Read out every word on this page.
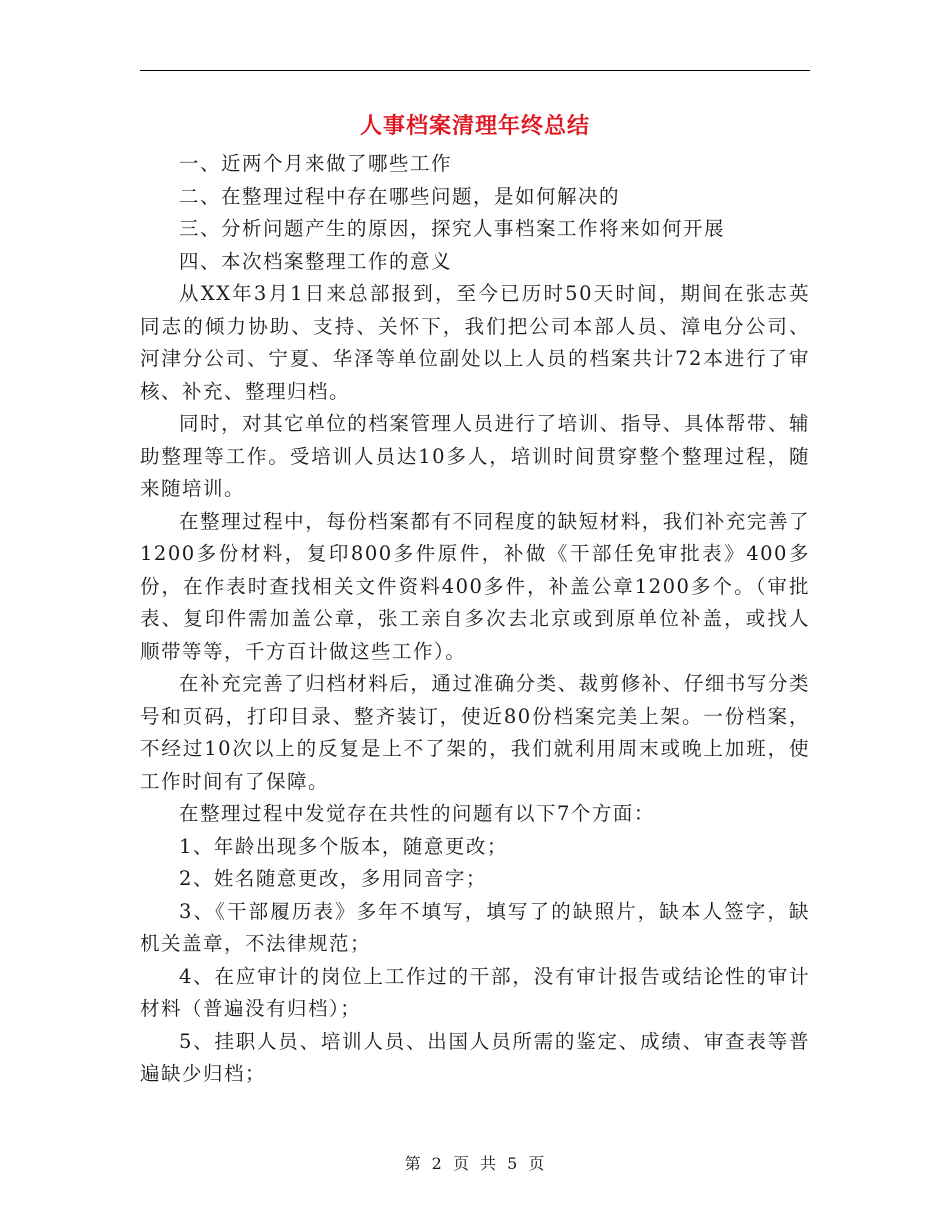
人事档案清理年终总结

一、近两个月来做了哪些工作

二、在整理过程中存在哪些问题，是如何解决的

三、分析问题产生的原因，探究人事档案工作将来如何开展

四、本次档案整理工作的意义

从XX年3月1日来总部报到，至今已历时50天时间，期间在张志英同志的倾力协助、支持、关怀下，我们把公司本部人员、漳电分公司、河津分公司、宁夏、华泽等单位副处以上人员的档案共计72本进行了审核、补充、整理归档。

同时，对其它单位的档案管理人员进行了培训、指导、具体帮带、辅助整理等工作。受培训人员达10多人，培训时间贯穿整个整理过程，随来随培训。

在整理过程中，每份档案都有不同程度的缺短材料，我们补充完善了1200多份材料，复印800多件原件，补做《干部任免审批表》400多份，在作表时查找相关文件资料400多件，补盖公章1200多个。（审批表、复印件需加盖公章，张工亲自多次去北京或到原单位补盖，或找人顺带等等，千方百计做这些工作）。

在补充完善了归档材料后，通过准确分类、裁剪修补、仔细书写分类号和页码，打印目录、整齐装订，使近80份档案完美上架。一份档案，不经过10次以上的反复是上不了架的，我们就利用周末或晚上加班，使工作时间有了保障。

在整理过程中发觉存在共性的问题有以下7个方面：

1、年龄出现多个版本，随意更改；

2、姓名随意更改，多用同音字；

3、《干部履历表》多年不填写，填写了的缺照片，缺本人签字，缺机关盖章，不法律规范；

4、在应审计的岗位上工作过的干部，没有审计报告或结论性的审计材料（普遍没有归档）；

5、挂职人员、培训人员、出国人员所需的鉴定、成绩、审查表等普遍缺少归档；

第 2 页 共 5 页
